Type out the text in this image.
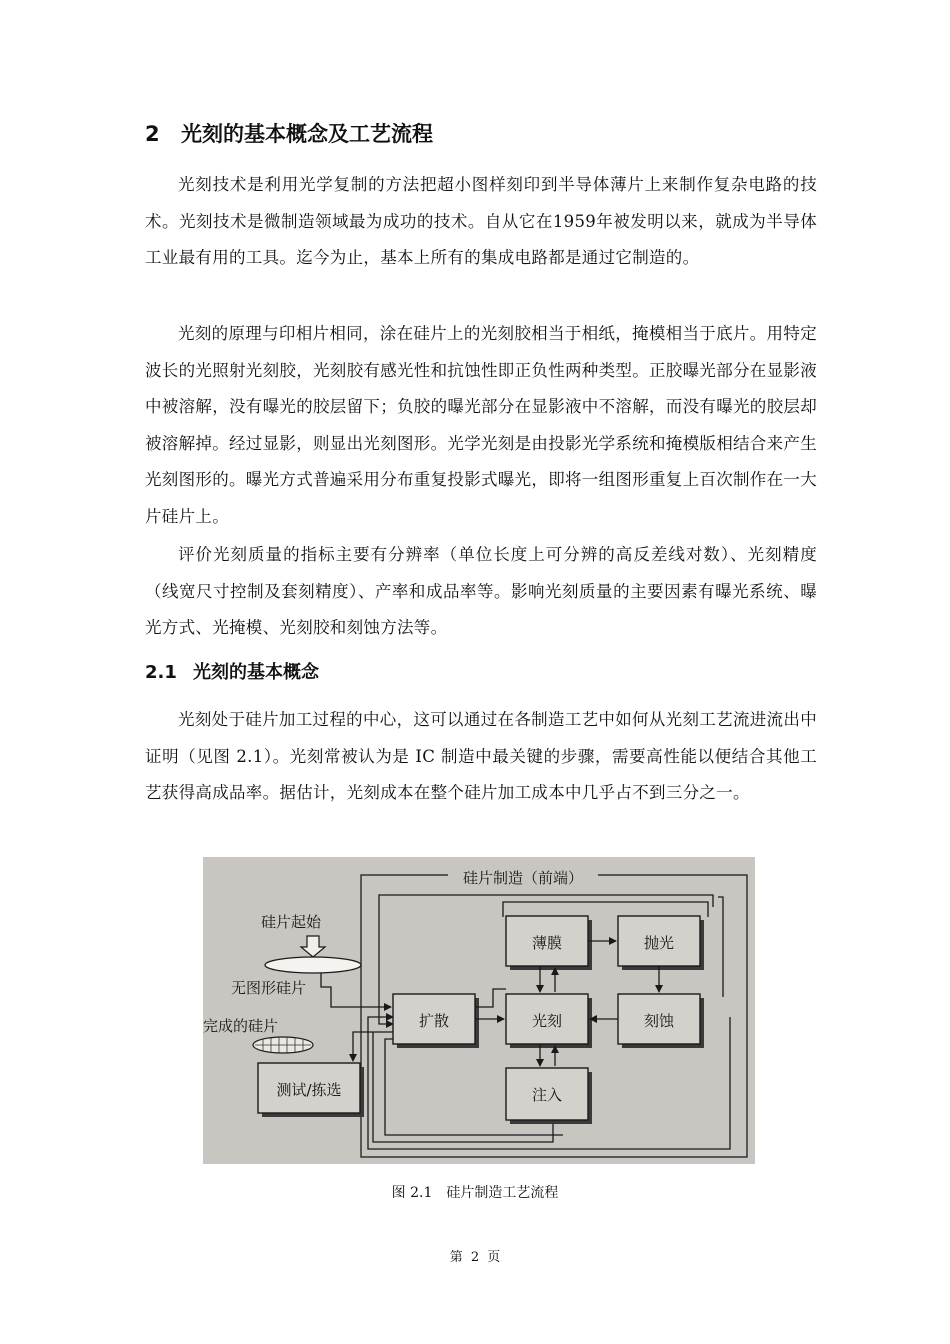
2 光刻的基本概念及工艺流程

光刻技术是利用光学复制的方法把超小图样刻印到半导体薄片上来制作复杂电路的技术。光刻技术是微制造领域最为成功的技术。自从它在1959年被发明以来，就成为半导体工业最有用的工具。迄今为止，基本上所有的集成电路都是通过它制造的。

光刻的原理与印相片相同，涂在硅片上的光刻胶相当于相纸，掩模相当于底片。用特定波长的光照射光刻胶，光刻胶有感光性和抗蚀性即正负性两种类型。正胶曝光部分在显影液中被溶解，没有曝光的胶层留下；负胶的曝光部分在显影液中不溶解，而没有曝光的胶层却被溶解掉。经过显影，则显出光刻图形。光学光刻是由投影光学系统和掩模版相结合来产生光刻图形的。曝光方式普遍采用分布重复投影式曝光，即将一组图形重复上百次制作在一大片硅片上。

评价光刻质量的指标主要有分辨率（单位长度上可分辨的高反差线对数）、光刻精度（线宽尺寸控制及套刻精度）、产率和成品率等。影响光刻质量的主要因素有曝光系统、曝光方式、光掩模、光刻胶和刻蚀方法等。

2.1 光刻的基本概念

光刻处于硅片加工过程的中心，这可以通过在各制造工艺中如何从光刻工艺流进流出中证明（见图 2.1）。光刻常被认为是 IC 制造中最关键的步骤，需要高性能以便结合其他工艺获得高成品率。据估计，光刻成本在整个硅片加工成本中几乎占不到三分之一。

硅片制造（前端）
薄膜	抛光
扩散	光刻	刻蚀
注入
测试/拣选
硅片起始
无图形硅片
完成的硅片
图 2.1 硅片制造工艺流程
第 2 页
